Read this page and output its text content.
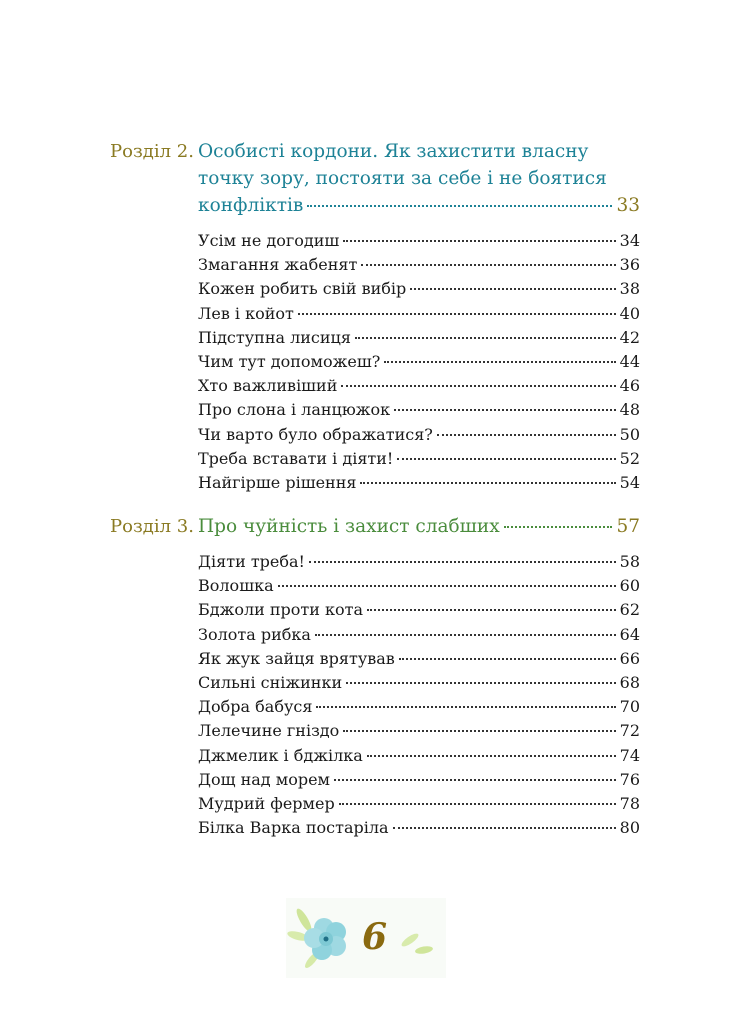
Розділ 2. Особисті кордони. Як захистити власну
точку зору, постояти за себе і не боятися
конфліктів	33
Усім не догодиш	34
Змагання жабенят	36
Кожен робить свій вибір	38
Лев і койот	40
Підступна лисиця	42
Чим тут допоможеш?	44
Хто важливіший	46
Про слона і ланцюжок	48
Чи варто було ображатися?	50
Треба вставати і діяти!	52
Найгірше рішення	54
Розділ 3. Про чуйність і захист слабших	57
Діяти треба!	58
Волошка	60
Бджоли проти кота	62
Золота рибка	64
Як жук зайця врятував	66
Сильні сніжинки	68
Добра бабуся	70
Лелечине гніздо	72
Джмелик і бджілка	74
Дощ над морем	76
Мудрий фермер	78
Білка Варка постаріла	80
6
